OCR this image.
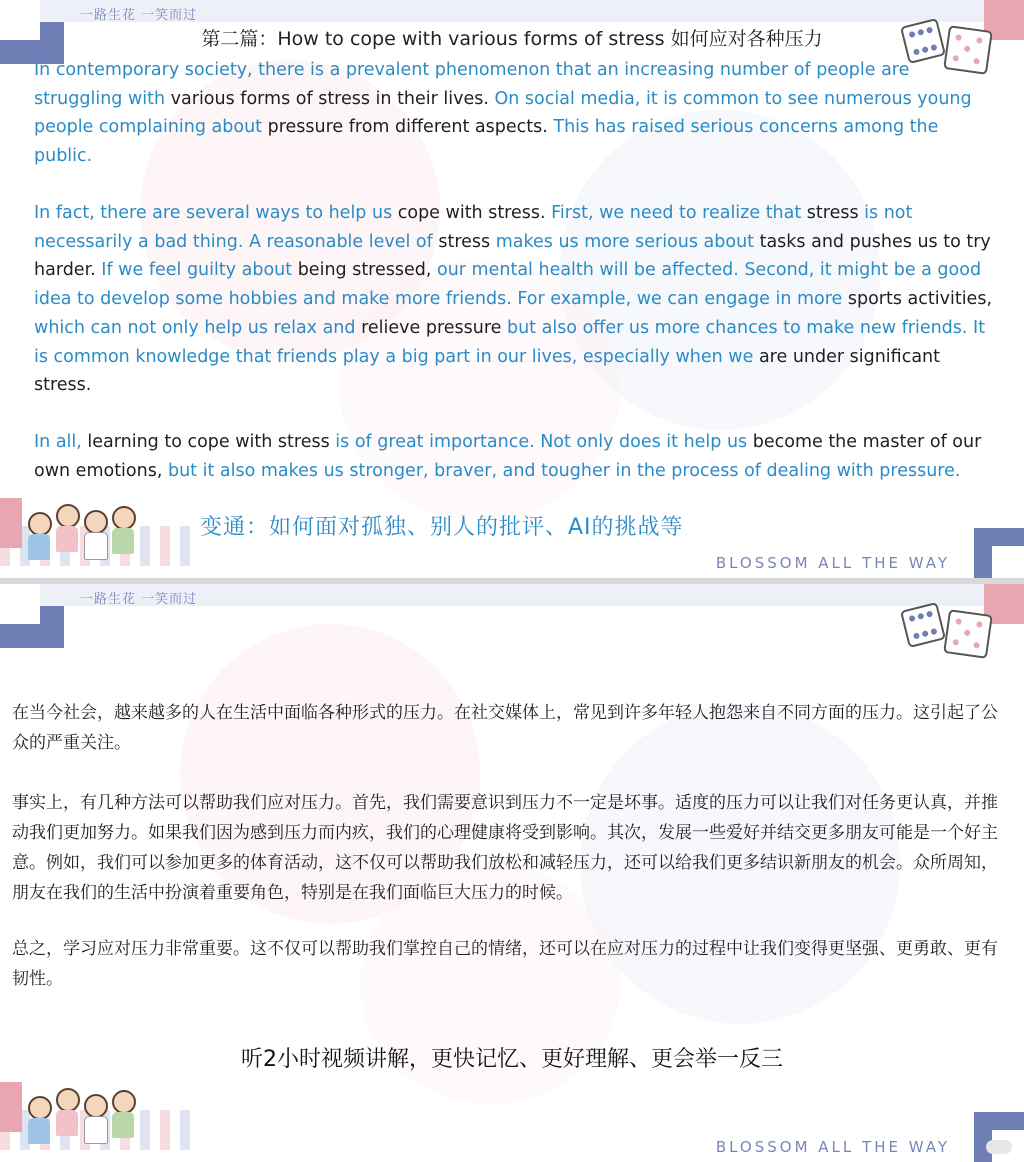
一路生花 一笑而过
第二篇：How to cope with various forms of stress 如何应对各种压力
In contemporary society, there is a prevalent phenomenon that an increasing number of people are struggling with various forms of stress in their lives. On social media, it is common to see numerous young people complaining about pressure from different aspects. This has raised serious concerns among the public.
In fact, there are several ways to help us cope with stress. First, we need to realize that stress is not necessarily a bad thing. A reasonable level of stress makes us more serious about tasks and pushes us to try harder. If we feel guilty about being stressed, our mental health will be affected. Second, it might be a good idea to develop some hobbies and make more friends. For example, we can engage in more sports activities, which can not only help us relax and relieve pressure but also offer us more chances to make new friends. It is common knowledge that friends play a big part in our lives, especially when we are under significant stress.
In all, learning to cope with stress is of great importance. Not only does it help us become the master of our own emotions, but it also makes us stronger, braver, and tougher in the process of dealing with pressure.
变通：如何面对孤独、别人的批评、AI的挑战等
BLOSSOM ALL THE WAY
一路生花 一笑而过
在当今社会，越来越多的人在生活中面临各种形式的压力。在社交媒体上，常见到许多年轻人抱怨来自不同方面的压力。这引起了公众的严重关注。
事实上，有几种方法可以帮助我们应对压力。首先，我们需要意识到压力不一定是坏事。适度的压力可以让我们对任务更认真，并推动我们更加努力。如果我们因为感到压力而内疚，我们的心理健康将受到影响。其次，发展一些爱好并结交更多朋友可能是一个好主意。例如，我们可以参加更多的体育活动，这不仅可以帮助我们放松和减轻压力，还可以给我们更多结识新朋友的机会。众所周知，朋友在我们的生活中扮演着重要角色，特别是在我们面临巨大压力的时候。
总之，学习应对压力非常重要。这不仅可以帮助我们掌控自己的情绪，还可以在应对压力的过程中让我们变得更坚强、更勇敢、更有韧性。
听2小时视频讲解，更快记忆、更好理解、更会举一反三
BLOSSOM ALL THE WAY
